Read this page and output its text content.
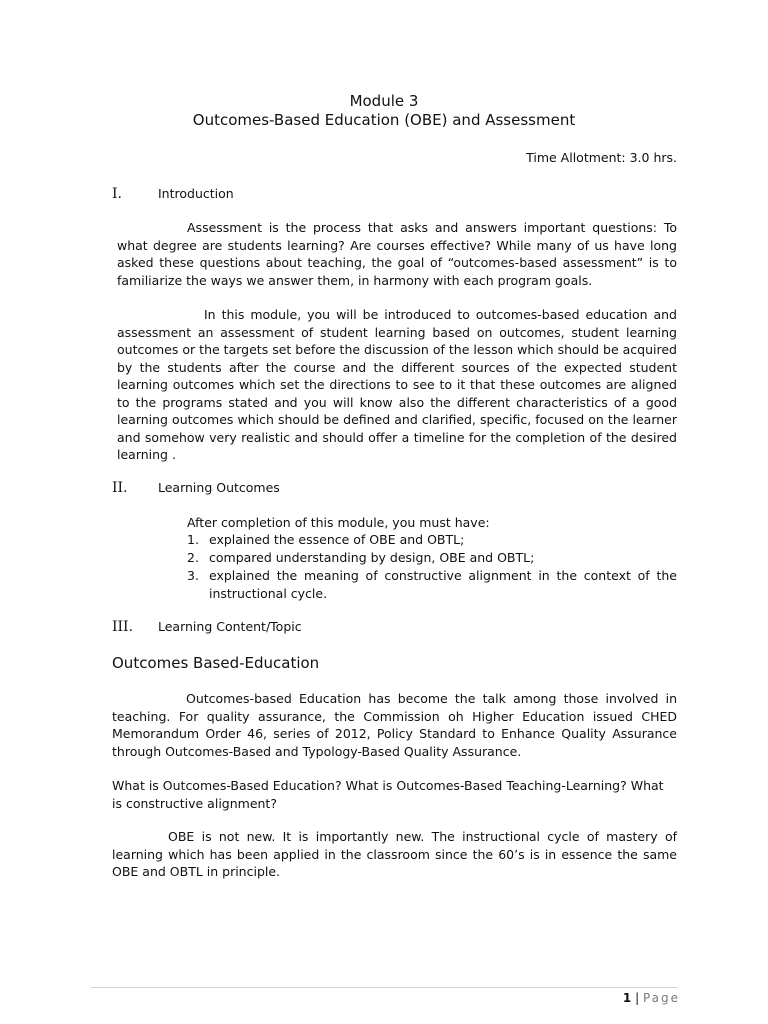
Module 3
Outcomes-Based Education (OBE) and Assessment
Time Allotment: 3.0 hrs.
I.	Introduction
Assessment is the process that asks and answers important questions: To what degree are students learning? Are courses effective? While many of us have long asked these questions about teaching, the goal of “outcomes-based assessment” is to familiarize the ways we answer them, in harmony with each program goals.
In this module, you will be introduced to outcomes-based education and assessment an assessment of student learning based on outcomes, student learning outcomes or the targets set before the discussion of the lesson which should be acquired by the students after the course and the different sources of the expected student learning outcomes which set the directions to see to it that these outcomes are aligned to the programs stated and you will know also the different characteristics of a good learning outcomes which should be defined and clarified, specific, focused on the learner and somehow very realistic and should offer a timeline for the completion of the desired learning .
II. Learning Outcomes
After completion of this module, you must have:
1. explained the essence of OBE and OBTL;
2. compared understanding by design, OBE and OBTL;
3. explained the meaning of constructive alignment in the context of the instructional cycle.
III. Learning Content/Topic
Outcomes Based-Education
Outcomes-based Education has become the talk among those involved in teaching. For quality assurance, the Commission oh Higher Education issued CHED Memorandum Order 46, series of 2012, Policy Standard to Enhance Quality Assurance through Outcomes-Based and Typology-Based Quality Assurance.
What is Outcomes-Based Education? What is Outcomes-Based Teaching-Learning? What is constructive alignment?
OBE is not new. It is importantly new. The instructional cycle of mastery of learning which has been applied in the classroom since the 60’s is in essence the same OBE and OBTL in principle.
1 | Page
